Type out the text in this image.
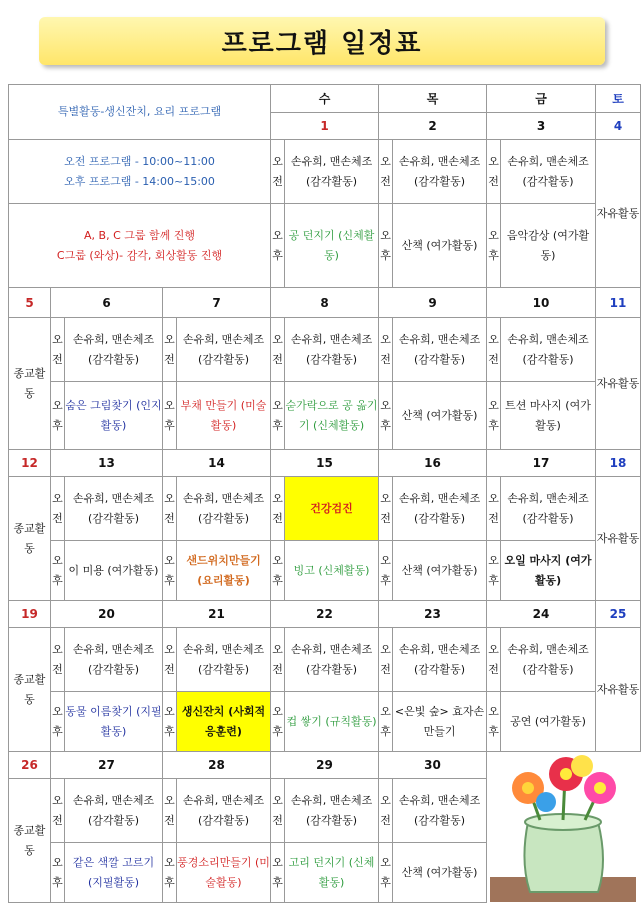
프로그램 일정표
특별활동-생신잔치, 요리 프로그램					수		목		금		토
					1		2		3		4

오전 프로그램 - 10:00~11:00
오후 프로그램 - 14:00~15:00					오전	손유희, 맨손체조 (감각활동)	오전	손유희, 맨손체조 (감각활동)	오전	손유희, 맨손체조 (감각활동)	자유활동

A, B, C 그룹 함께 진행
C그룹 (와상)- 감각, 회상활동 진행					오후	공 던지기 (신체활동)	오후	산책 (여가활동)	오후	음악감상 (여가활동)	
5	6		7		8		9		10		11
종교활동	오전	손유희, 맨손체조 (감각활동)	오전	손유희, 맨손체조 (감각활동)	오전	손유희, 맨손체조 (감각활동)	오전	손유희, 맨손체조 (감각활동)	오전	손유희, 맨손체조 (감각활동)	자유활동
	오후	숨은 그림찾기 (인지활동)	오후	부채 만들기 (미술활동)	오후	숟가락으로 공 옮기기 (신체활동)	오후	산책 (여가활동)	오후	트션 마사지 (여가활동)	
12	13		14		15		16		17		18
종교활동	오전	손유희, 맨손체조 (감각활동)	오전	손유희, 맨손체조 (감각활동)	오전	건강검진	오전	손유희, 맨손체조 (감각활동)	오전	손유희, 맨손체조 (감각활동)	자유활동
	오후	이 미용 (여가활동)	오후	샌드위치만들기 (요리활동)	오후	빙고 (신체활동)	오후	산책 (여가활동)	오후	오일 마사지 (여가활동)	
19	20		21		22		23		24		25
종교활동	오전	손유희, 맨손체조 (감각활동)	오전	손유희, 맨손체조 (감각활동)	오전	손유희, 맨손체조 (감각활동)	오전	손유희, 맨손체조 (감각활동)	오전	손유희, 맨손체조 (감각활동)	자유활동
	오후	동물 이름찾기 (지필활동)	오후	생신잔치 (사회적응훈련)	오후	컵 쌓기 (규칙활동)	오후	<은빛 숲> 효자손만들기	오후	공연 (여가활동)	
26	27		28		29		30				
종교활동	오전	손유희, 맨손체조 (감각활동)	오전	손유희, 맨손체조 (감각활동)	오전	손유희, 맨손체조 (감각활동)	오전	손유희, 맨손체조 (감각활동)			
	오후	같은 색깔 고르기 (지필활동)	오후	풍경소리만들기 (미술활동)	오후	고리 던지기 (신체활동)	오후	산책 (여가활동)			
